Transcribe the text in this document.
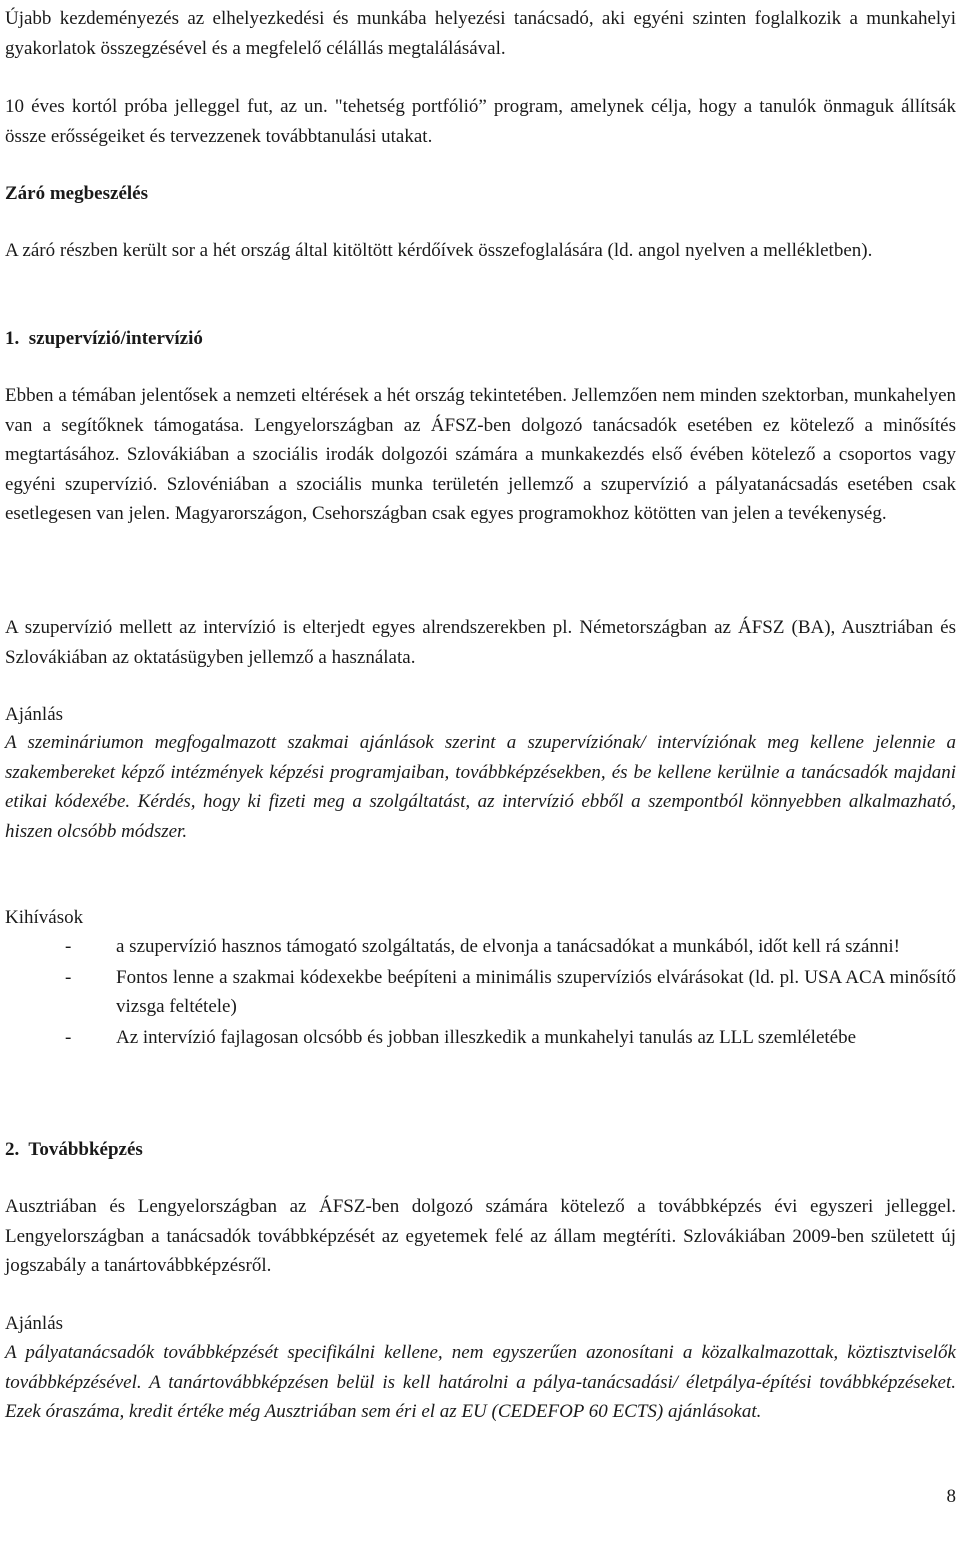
Újabb kezdeményezés az elhelyezkedési és munkába helyezési tanácsadó, aki egyéni szinten foglalkozik a munkahelyi gyakorlatok összegzésével és a megfelelő célállás megtalálásával.

10 éves kortól próba jelleggel fut, az un. "tehetség portfólió” program, amelynek célja, hogy a tanulók önmaguk állítsák össze erősségeiket és tervezzenek továbbtanulási utakat.

Záró megbeszélés

A záró részben került sor a hét ország által kitöltött kérdőívek összefoglalására (ld. angol nyelven a mellékletben).

1.  szupervízió/intervízió

Ebben a témában jelentősek a nemzeti eltérések a hét ország tekintetében. Jellemzően nem minden szektorban, munkahelyen van a segítőknek támogatása. Lengyelországban az ÁFSZ-ben dolgozó tanácsadók esetében ez kötelező a minősítés megtartásához. Szlovákiában a szociális irodák dolgozói számára a munkakezdés első évében kötelező a csoportos vagy egyéni szupervízió. Szlovéniában a szociális munka területén jellemző a szupervízió a pályatanácsadás esetében csak esetlegesen van jelen. Magyarországon, Csehországban csak egyes programokhoz kötötten van jelen a tevékenység.

A szupervízió mellett az intervízió is elterjedt egyes alrendszerekben pl. Németországban az ÁFSZ (BA), Ausztriában és Szlovákiában az oktatásügyben jellemző a használata.

Ajánlás

A szemináriumon megfogalmazott szakmai ajánlások szerint a szupervíziónak/ intervíziónak meg kellene jelennie a szakembereket képző intézmények képzési programjaiban, továbbképzésekben, és be kellene kerülnie a tanácsadók majdani etikai kódexébe. Kérdés, hogy ki fizeti meg a szolgáltatást, az intervízió ebből a szempontból könnyebben alkalmazható, hiszen olcsóbb módszer.

Kihívások
- a szupervízió hasznos támogató szolgáltatás, de elvonja a tanácsadókat a munkából, időt kell rá szánni!
- Fontos lenne a szakmai kódexekbe beépíteni a minimális szupervíziós elvárásokat (ld. pl. USA ACA minősítő vizsga feltétele)
- Az intervízió fajlagosan olcsóbb és jobban illeszkedik a munkahelyi tanulás az LLL szemléletébe
2.  Továbbképzés

Ausztriában és Lengyelországban az ÁFSZ-ben dolgozó számára kötelező a továbbképzés évi egyszeri jelleggel. Lengyelországban a tanácsadók továbbképzését az egyetemek felé az állam megtéríti. Szlovákiában 2009-ben született új jogszabály a tanártovábbképzésről.

Ajánlás

A pályatanácsadók továbbképzését specifikálni kellene, nem egyszerűen azonosítani a közalkalmazottak, köztisztviselők továbbképzésével. A tanártovábbképzésen belül is kell határolni a pálya-tanácsadási/ életpálya-építési továbbképzéseket. Ezek óraszáma, kredit értéke még Ausztriában sem éri el az EU (CEDEFOP 60 ECTS) ajánlásokat.

8
